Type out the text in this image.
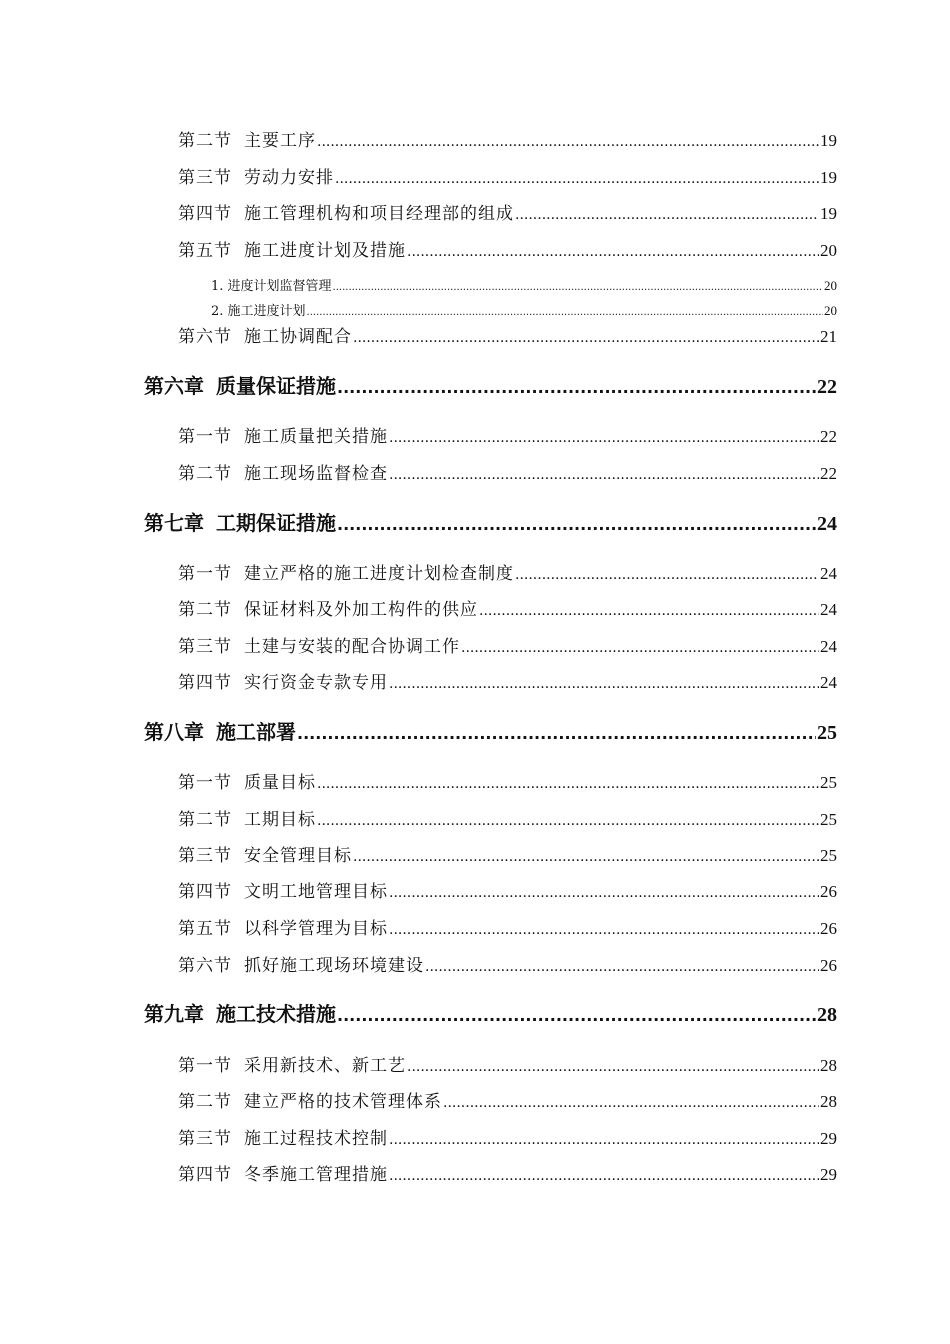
第二节 主要工序 .....	19
第三节 劳动力安排 .....	19
第四节 施工管理机构和项目经理部的组成 .....	19
第五节 施工进度计划及措施 .....	20
1. 进度计划监督管理 .....	20
2. 施工进度计划 .....	20
第六节 施工协调配合 .....	21
第六章 质量保证措施 .....	22
第一节 施工质量把关措施 .....	22
第二节 施工现场监督检查 .....	22
第七章 工期保证措施 .....	24
第一节 建立严格的施工进度计划检查制度 .....	24
第二节 保证材料及外加工构件的供应 .....	24
第三节 土建与安装的配合协调工作 .....	24
第四节 实行资金专款专用 .....	24
第八章 施工部署 .....	25
第一节 质量目标 .....	25
第二节 工期目标 .....	25
第三节 安全管理目标 .....	25
第四节 文明工地管理目标 .....	26
第五节 以科学管理为目标 .....	26
第六节 抓好施工现场环境建设 .....	26
第九章 施工技术措施 .....	28
第一节 采用新技术、新工艺 .....	28
第二节 建立严格的技术管理体系 .....	28
第三节 施工过程技术控制 .....	29
第四节 冬季施工管理措施 .....	29
